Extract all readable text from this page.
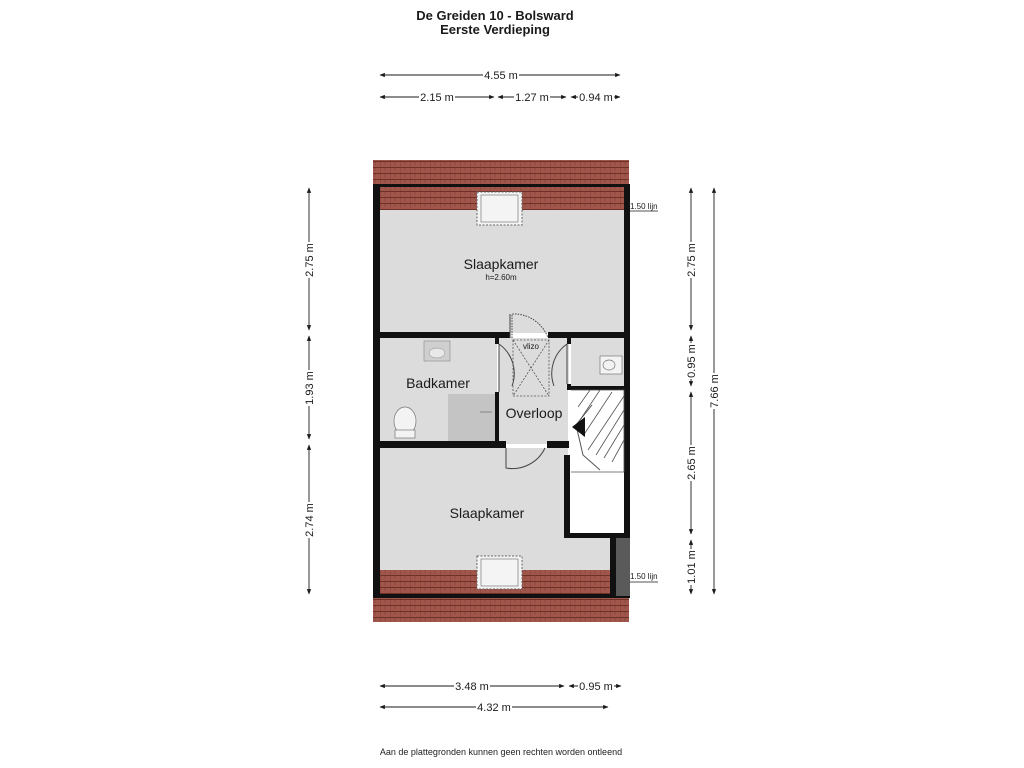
De Greiden 10 - Bolsward
Eerste Verdieping
4.55 m
2.15 m	1.27 m	0.94 m
2.75 m
1.93 m
2.74 m
2.75 m
0.95 m
2.65 m
1.01 m
7.66 m
3.48 m	0.95 m
4.32 m
1.50 lijn
1.50 lijn
Slaapkamer
h=2.60m
Badkamer
Overloop
vlizo
Slaapkamer
Aan de plattegronden kunnen geen rechten worden ontleend
